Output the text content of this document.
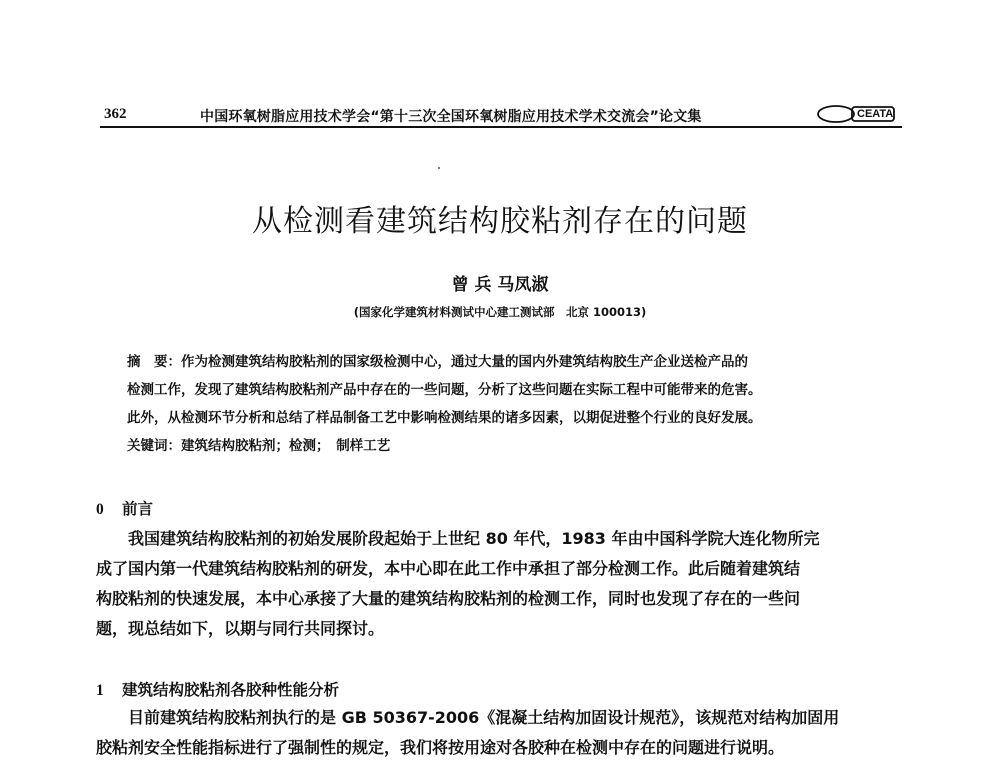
362	中国环氧树脂应用技术学会“第十三次全国环氧树脂应用技术学术交流会”论文集	CEATA
从检测看建筑结构胶粘剂存在的问题
曾 兵 马凤淑
(国家化学建筑材料测试中心建工测试部　北京 100013)
摘　要：作为检测建筑结构胶粘剂的国家级检测中心，通过大量的国内外建筑结构胶生产企业送检产品的
检测工作，发现了建筑结构胶粘剂产品中存在的一些问题，分析了这些问题在实际工程中可能带来的危害。
此外，从检测环节分析和总结了样品制备工艺中影响检测结果的诸多因素，以期促进整个行业的良好发展。
关键词：建筑结构胶粘剂；检测；　制样工艺
0 前言
我国建筑结构胶粘剂的初始发展阶段起始于上世纪 80 年代，1983 年由中国科学院大连化物所完
成了国内第一代建筑结构胶粘剂的研发，本中心即在此工作中承担了部分检测工作。此后随着建筑结
构胶粘剂的快速发展，本中心承接了大量的建筑结构胶粘剂的检测工作，同时也发现了存在的一些问
题，现总结如下，以期与同行共同探讨。
1 建筑结构胶粘剂各胶种性能分析
目前建筑结构胶粘剂执行的是 GB 50367-2006《混凝土结构加固设计规范》，该规范对结构加固用
胶粘剂安全性能指标进行了强制性的规定，我们将按用途对各胶种在检测中存在的问题进行说明。
